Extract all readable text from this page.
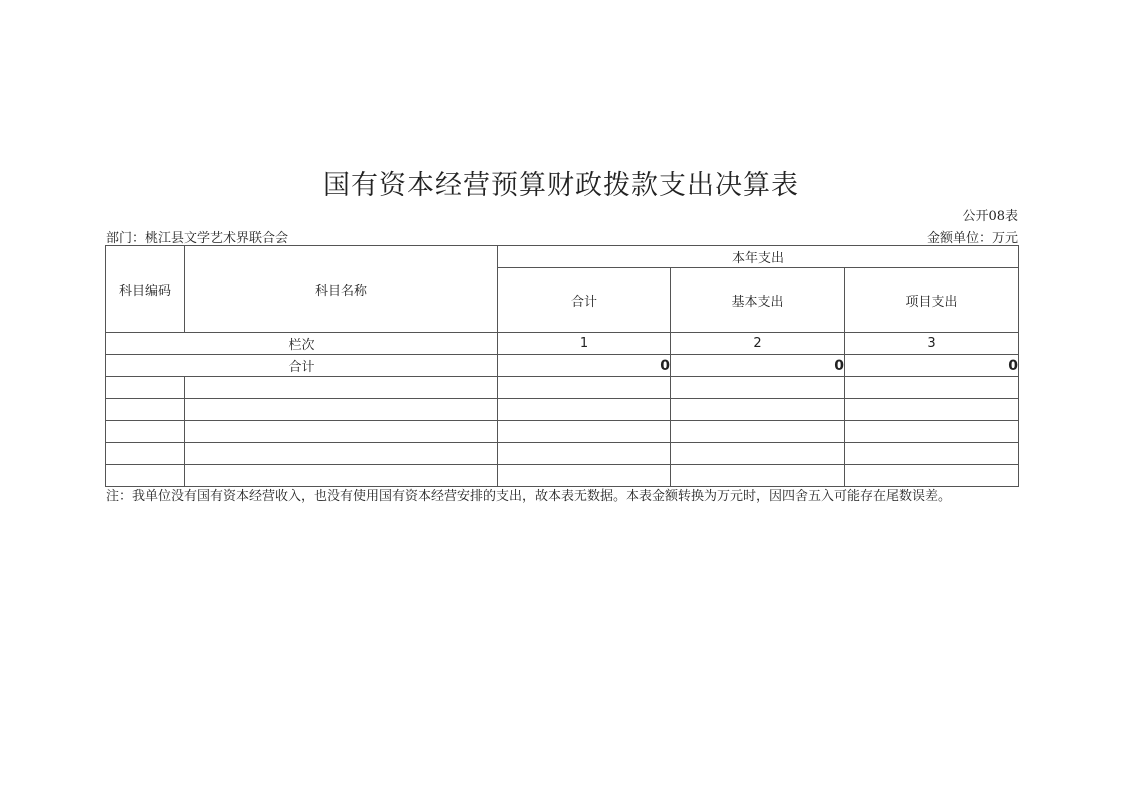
国有资本经营预算财政拨款支出决算表
公开08表
部门：桃江县文学艺术界联合会	金额单位：万元
科目编码	科目名称	本年支出		
		合计	基本支出	项目支出
栏次		1	2	3
合计		0	0	0

注：我单位没有国有资本经营收入，也没有使用国有资本经营安排的支出，故本表无数据。本表金额转换为万元时，因四舍五入可能存在尾数误差。
